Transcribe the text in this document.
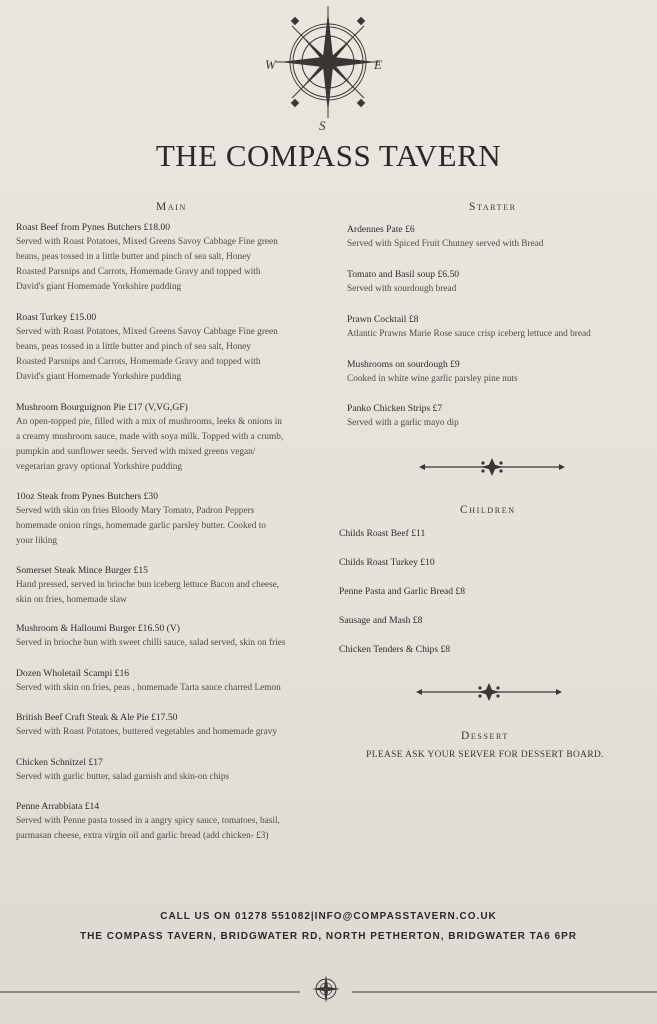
W	E
S
THE COMPASS TAVERN
Main
Roast Beef from Pynes Butchers £18.00
Served with Roast Potatoes, Mixed Greens Savoy Cabbage Fine green
beans, peas tossed in a little butter and pinch of sea salt, Honey
Roasted Parsnips and Carrots, Homemade Gravy and topped with
David's giant Homemade Yorkshire pudding
Roast Turkey £15.00
Served with Roast Potatoes, Mixed Greens Savoy Cabbage Fine green
beans, peas tossed in a little butter and pinch of sea salt, Honey
Roasted Parsnips and Carrots, Homemade Gravy and topped with
David's giant Homemade Yorkshire pudding
Mushroom Bourguignon Pie £17 (V,VG,GF)
An open-topped pie, filled with a mix of mushrooms, leeks & onions in
a creamy mushroom sauce, made with soya milk. Topped with a crumb,
pumpkin and sunflower seeds. Served with mixed greens vegan/
vegetarian gravy optional Yorkshire pudding
10oz Steak from Pynes Butchers £30
Served with skin on fries Bloody Mary Tomato, Padron Peppers
homemade onion rings, homemade garlic parsley butter. Cooked to
your liking
Somerset Steak Mince Burger £15
Hand pressed, served in brioche bun iceberg lettuce Bacon and cheese,
skin on fries, homemade slaw
Mushroom & Halloumi Burger £16.50 (V)
Served in brioche bun with sweet chilli sauce, salad served, skin on fries
Dozen Wholetail Scampi £16
Served with skin on fries, peas , homemade Tarta sauce charred Lemon
British Beef Craft Steak & Ale Pie £17.50
Served with Roast Potatoes, buttered vegetables and homemade gravy
Chicken Schnitzel £17
Served with garlic butter, salad garnish and skin-on chips
Penne Arrabbiata £14
Served with Penne pasta tossed in a angry spicy sauce, tomatoes, basil,
parmasan cheese, extra virgin oil and garlic bread (add chicken- £3)
Starter
Ardennes Pate £6
Served with Spiced Fruit Chutney served with Bread
Tomato and Basil soup £6.50
Served with sourdough bread
Prawn Cocktail £8
Atlantic Prawns Marie Rose sauce crisp iceberg lettuce and bread
Mushrooms on sourdough £9
Cooked in white wine garlic parsley pine nuts
Panko Chicken Strips £7
Served with a garlic mayo dip
Children
Childs Roast Beef £11
Childs Roast Turkey £10
Penne Pasta and Garlic Bread £8
Sausage and Mash £8
Chicken Tenders & Chips £8
Dessert
PLEASE ASK YOUR SERVER FOR DESSERT BOARD.
CALL US ON 01278 551082|INFO@COMPASSTAVERN.CO.UK
THE COMPASS TAVERN, BRIDGWATER RD, NORTH PETHERTON, BRIDGWATER TA6 6PR
